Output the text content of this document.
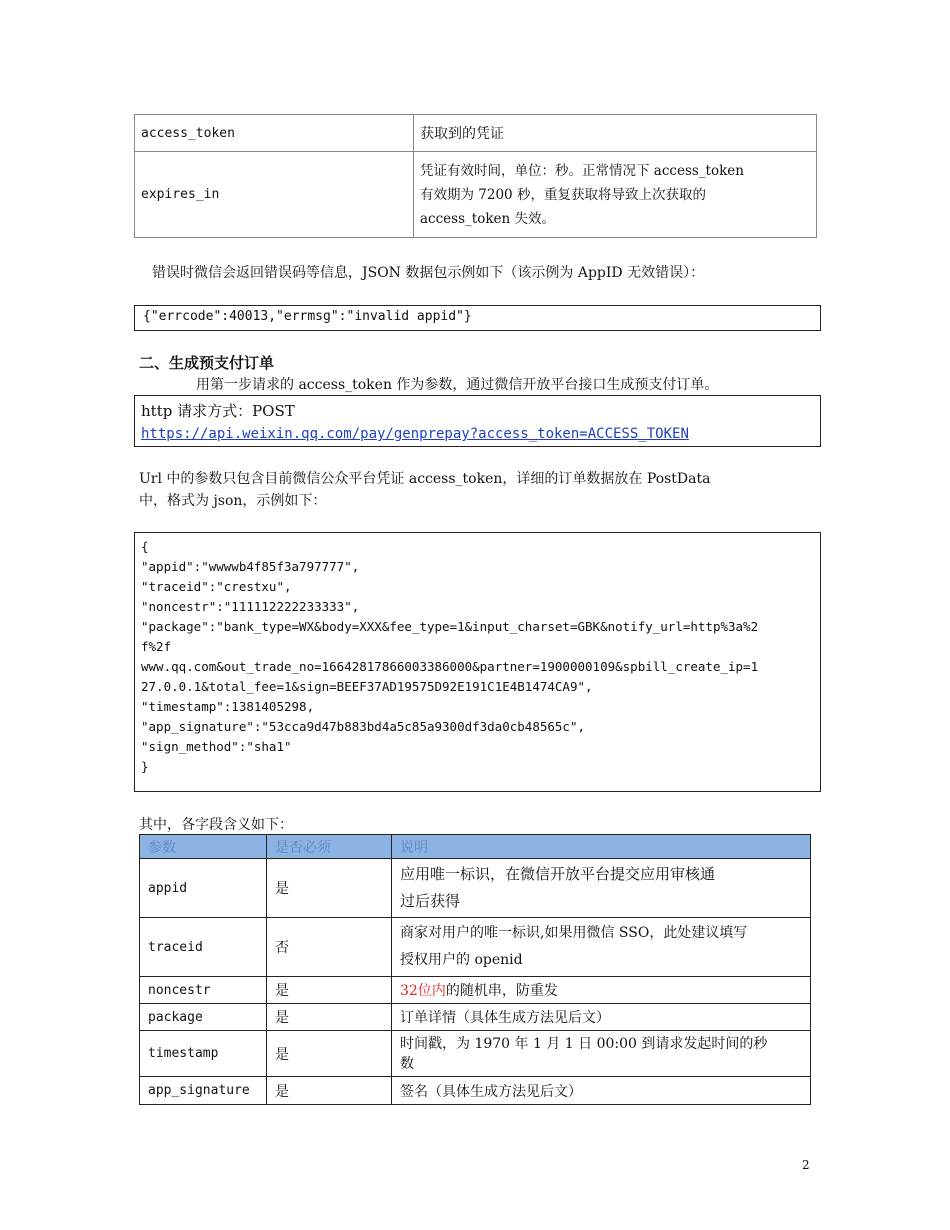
access_token	获取到的凭证
expires_in	凭证有效时间，单位：秒。正常情况下 access_token
有效期为 7200 秒，重复获取将导致上次获取的
access_token 失效。
错误时微信会返回错误码等信息，JSON 数据包示例如下（该示例为 AppID 无效错误）：
{"errcode":40013,"errmsg":"invalid appid"}
二、生成预支付订单
用第一步请求的 access_token 作为参数，通过微信开放平台接口生成预支付订单。
http 请求方式：POST
https://api.weixin.qq.com/pay/genprepay?access_token=ACCESS_TOKEN
Url 中的参数只包含目前微信公众平台凭证 access_token，详细的订单数据放在 PostData
中，格式为 json，示例如下：
{
"appid":"wwwwb4f85f3a797777",
"traceid":"crestxu",
"noncestr":"111112222233333",
"package":"bank_type=WX&body=XXX&fee_type=1&input_charset=GBK&notify_url=http%3a%2
f%2f
www.qq.com&out_trade_no=16642817866003386000&partner=1900000109&spbill_create_ip=1
27.0.0.1&total_fee=1&sign=BEEF37AD19575D92E191C1E4B1474CA9",
"timestamp":1381405298,
"app_signature":"53cca9d47b883bd4a5c85a9300df3da0cb48565c",
"sign_method":"sha1"
}
其中，各字段含义如下：
参数	是否必须	说明
appid	是	应用唯一标识，在微信开放平台提交应用审核通
过后获得

traceid	否	商家对用户的唯一标识,如果用微信 SSO，此处建议填写
授权用户的 openid

noncestr	是	32位内的随机串，防重发
package	是	订单详情（具体生成方法见后文）
timestamp	是	时间戳，为 1970 年 1 月 1 日 00:00 到请求发起时间的秒
数

app_signature	是	签名（具体生成方法见后文）
2
